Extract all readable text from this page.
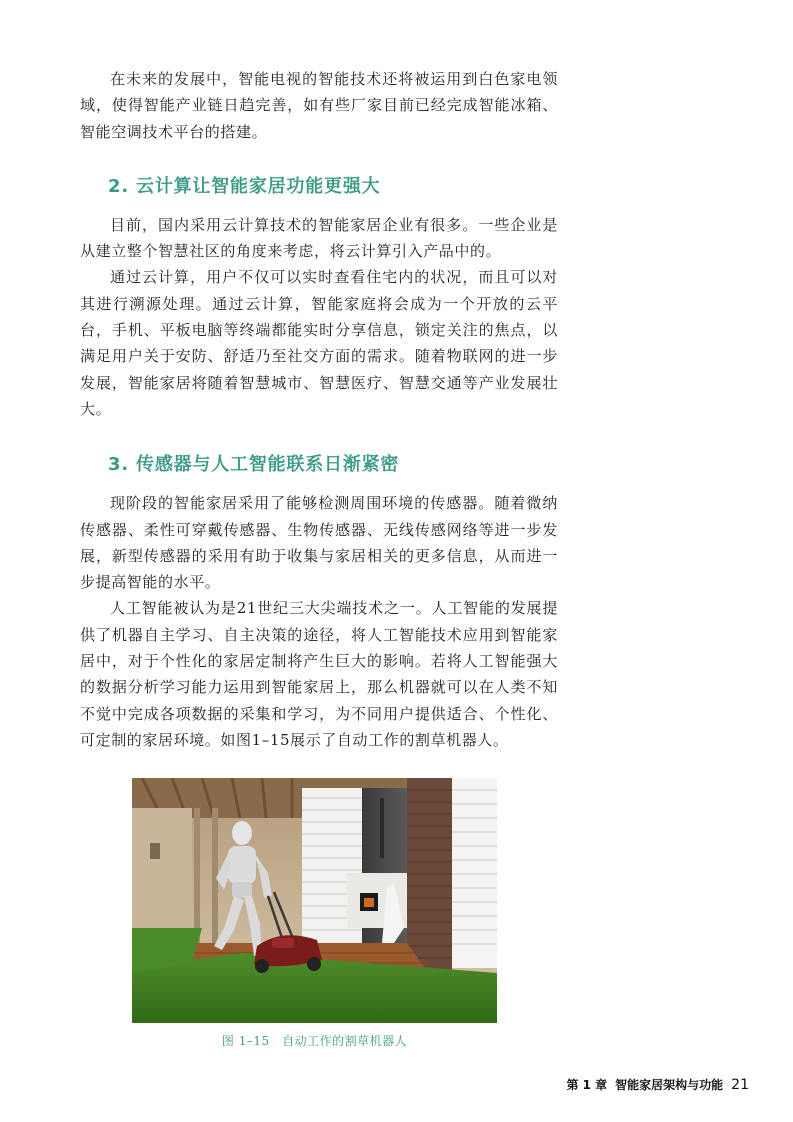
在未来的发展中，智能电视的智能技术还将被运用到白色家电领域，使得智能产业链日趋完善，如有些厂家目前已经完成智能冰箱、智能空调技术平台的搭建。

2. 云计算让智能家居功能更强大

目前，国内采用云计算技术的智能家居企业有很多。一些企业是从建立整个智慧社区的角度来考虑，将云计算引入产品中的。

通过云计算，用户不仅可以实时查看住宅内的状况，而且可以对其进行溯源处理。通过云计算，智能家庭将会成为一个开放的云平台，手机、平板电脑等终端都能实时分享信息，锁定关注的焦点，以满足用户关于安防、舒适乃至社交方面的需求。随着物联网的进一步发展，智能家居将随着智慧城市、智慧医疗、智慧交通等产业发展壮大。

3. 传感器与人工智能联系日渐紧密

现阶段的智能家居采用了能够检测周围环境的传感器。随着微纳传感器、柔性可穿戴传感器、生物传感器、无线传感网络等进一步发展，新型传感器的采用有助于收集与家居相关的更多信息，从而进一步提高智能的水平。

人工智能被认为是21世纪三大尖端技术之一。人工智能的发展提供了机器自主学习、自主决策的途径，将人工智能技术应用到智能家居中，对于个性化的家居定制将产生巨大的影响。若将人工智能强大的数据分析学习能力运用到智能家居上，那么机器就可以在人类不知不觉中完成各项数据的采集和学习，为不同用户提供适合、个性化、可定制的家居环境。如图1–15展示了自动工作的割草机器人。

图 1–15　自动工作的割草机器人
第 1 章 智能家居架构与功能 21
